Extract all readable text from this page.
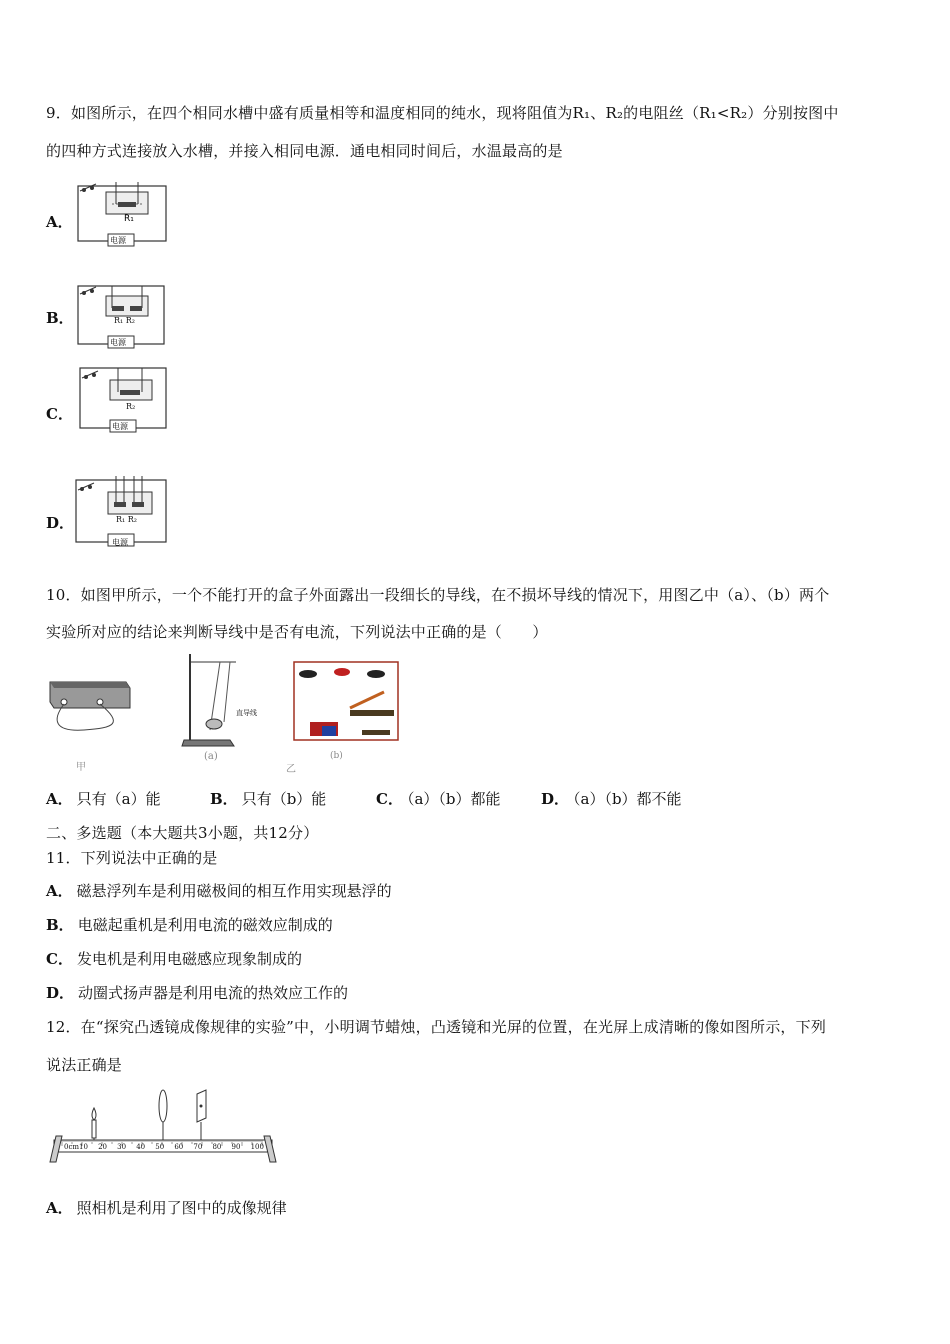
9．如图所示，在四个相同水槽中盛有质量相等和温度相同的纯水，现将阻值为R₁、R₂的电阻丝（R₁<R₂）分别按图中
的四种方式连接放入水槽，并接入相同电源．通电相同时间后，水温最高的是
A．	R₁
电源
B．	R₁ R₂
电源
C．	R₂
电源
D．	R₁ R₂
电源
10．如图甲所示，一个不能打开的盒子外面露出一段细长的导线，在不损坏导线的情况下，用图乙中（a）、（b）两个
实验所对应的结论来判断导线中是否有电流，下列说法中正确的是（　　）
甲
直导线
(a)
乙
(b)
A． 只有（a）能	B． 只有（b）能	C． （a）（b）都能	D． （a）（b）都不能
二、多选题（本大题共3小题，共12分）
11．下列说法中正确的是
A． 磁悬浮列车是利用磁极间的相互作用实现悬浮的
B． 电磁起重机是利用电流的磁效应制成的
C． 发电机是利用电磁感应现象制成的
D． 动圈式扬声器是利用电流的热效应工作的
12．在“探究凸透镜成像规律的实验”中，小明调节蜡烛，凸透镜和光屏的位置，在光屏上成清晰的像如图所示，下列
说法正确是
0cm10 20 30 40 50 60 70 80 90 100
A． 照相机是利用了图中的成像规律
